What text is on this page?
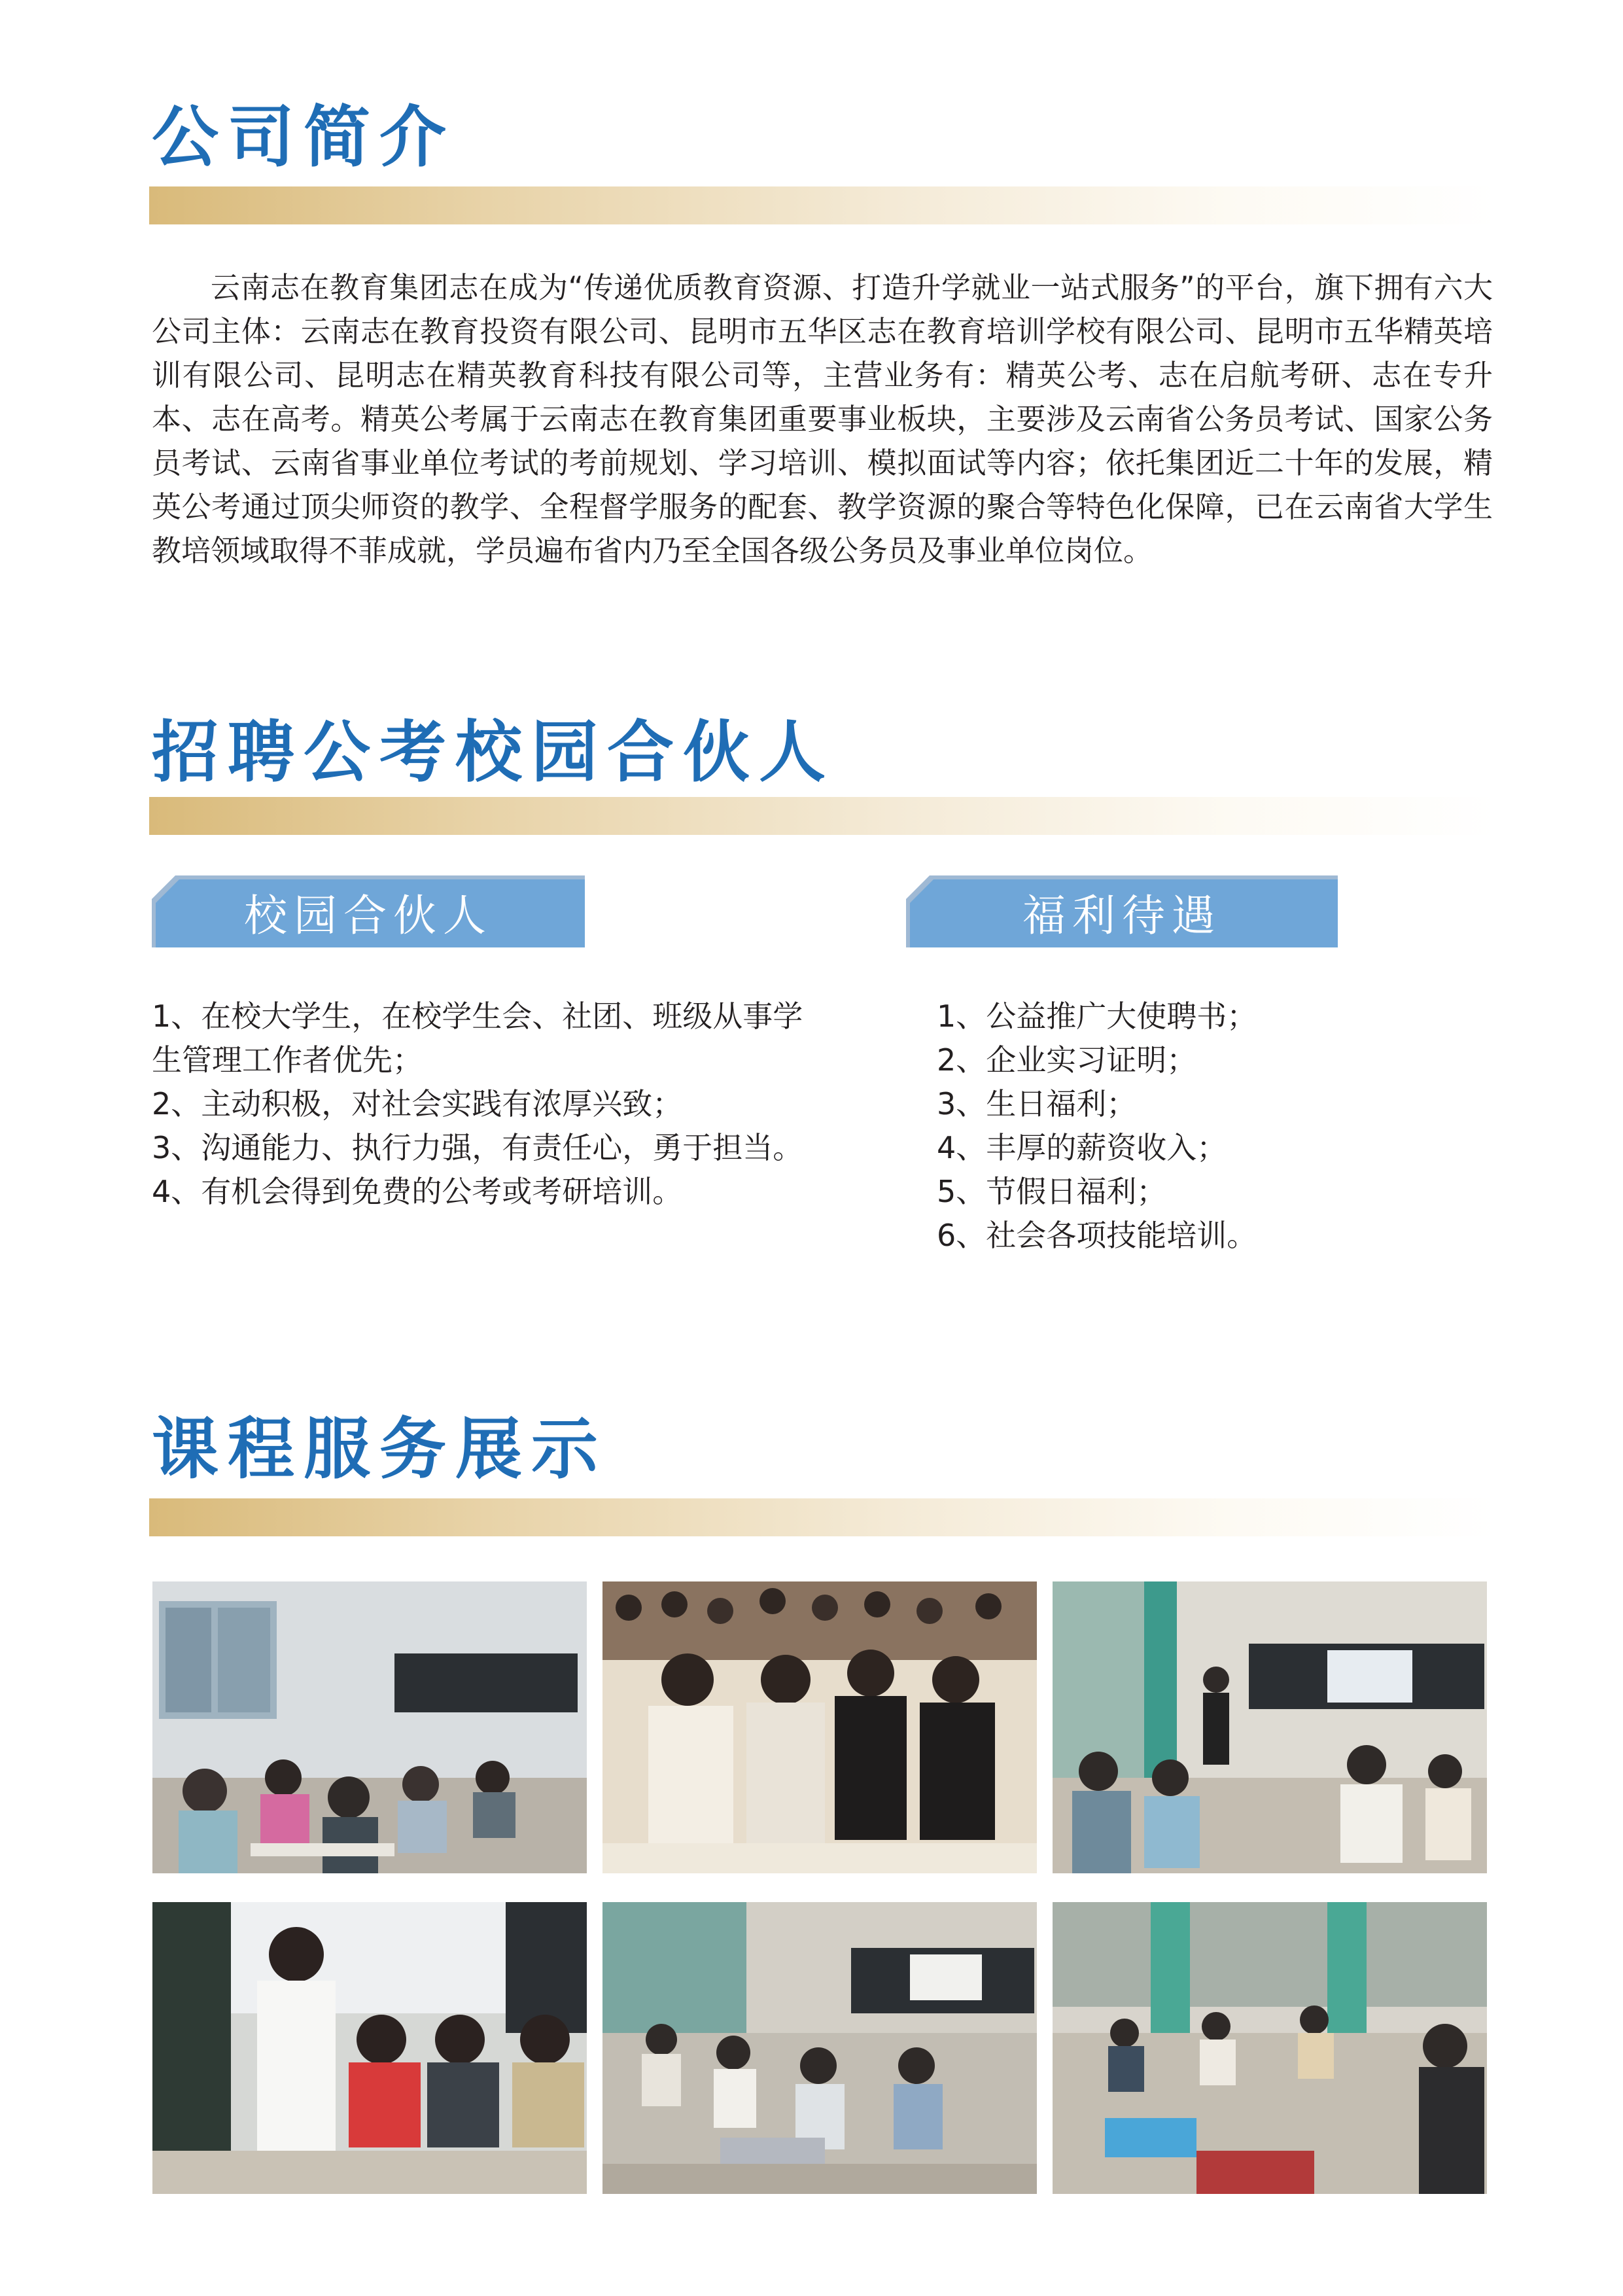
公司简介

云南志在教育集团志在成为“传递优质教育资源、打造升学就业一站式服务”的平台，旗下拥有六大公司主体：云南志在教育投资有限公司、昆明市五华区志在教育培训学校有限公司、昆明市五华精英培训有限公司、昆明志在精英教育科技有限公司等，主营业务有：精英公考、志在启航考研、志在专升本、志在高考。精英公考属于云南志在教育集团重要事业板块，主要涉及云南省公务员考试、国家公务员考试、云南省事业单位考试的考前规划、学习培训、模拟面试等内容；依托集团近二十年的发展，精英公考通过顶尖师资的教学、全程督学服务的配套、教学资源的聚合等特色化保障，已在云南省大学生教培领域取得不菲成就，学员遍布省内乃至全国各级公务员及事业单位岗位。

招聘公考校园合伙人
校园合伙人	福利待遇
1、在校大学生，在校学生会、社团、班级从事学生管理工作者优先；
2、主动积极，对社会实践有浓厚兴致；
3、沟通能力、执行力强，有责任心，勇于担当。
4、有机会得到免费的公考或考研培训。
1、公益推广大使聘书；
2、企业实习证明；
3、生日福利；
4、丰厚的薪资收入；
5、节假日福利；
6、社会各项技能培训。
课程服务展示
